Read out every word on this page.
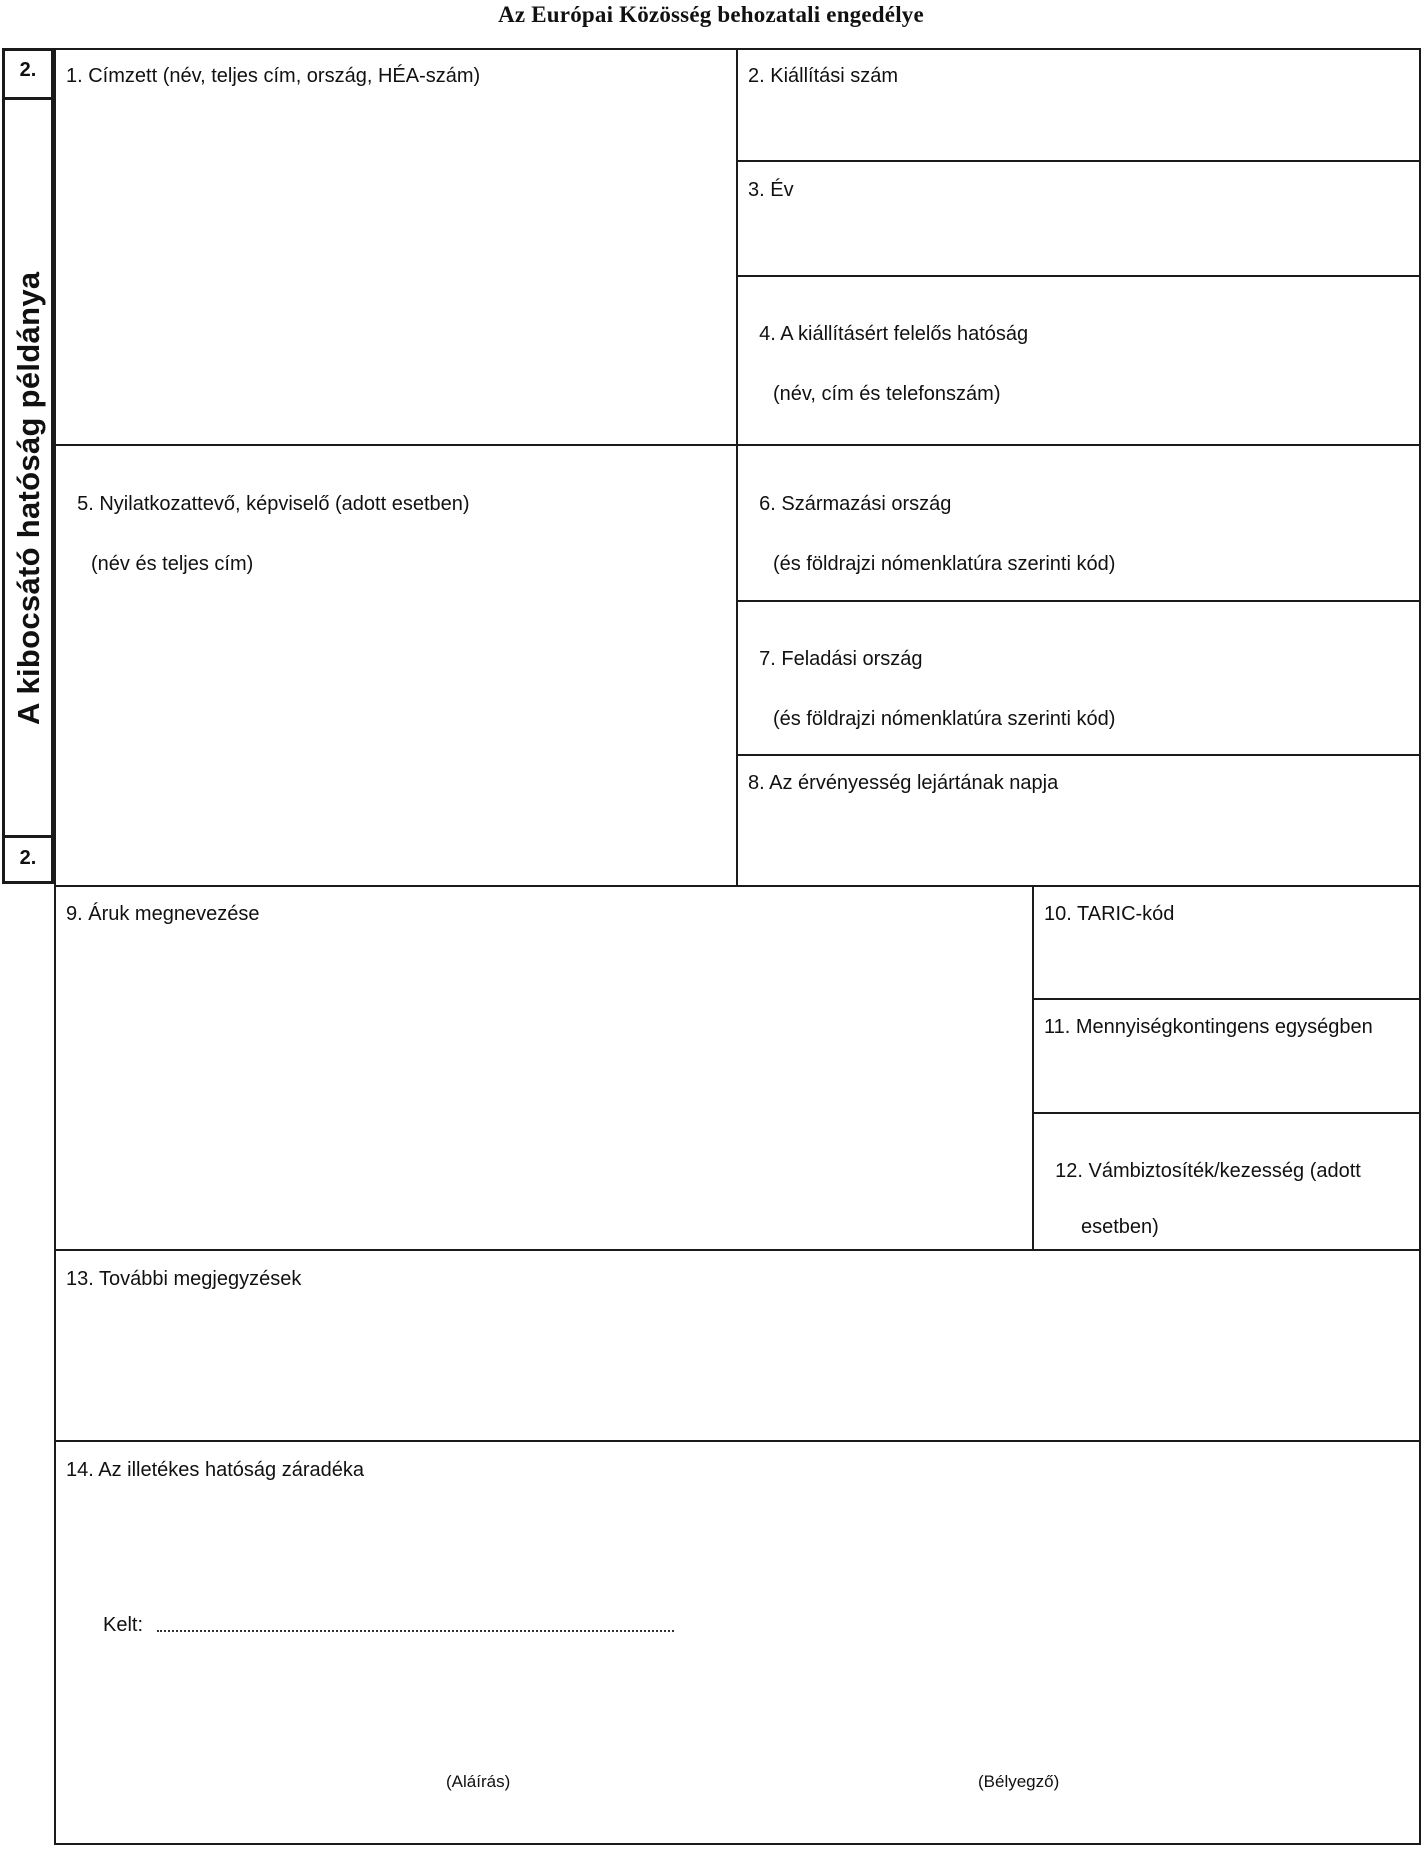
Az Európai Közösség behozatali engedélye
2.
A kibocsátó hatóság példánya
2.
1. Címzett (név, teljes cím, ország, HÉA-szám)	2. Kiállítási szám
3. Év

4. A kiállításért felelős hatóság

(név, cím és telefonszám)

5. Nyilatkozattevő, képviselő (adott esetben)

(név és teljes cím)

6. Származási ország

(és földrajzi nómenklatúra szerinti kód)

7. Feladási ország

(és földrajzi nómenklatúra szerinti kód)

8. Az érvényesség lejártának napja
9. Áruk megnevezése	10. TARIC-kód
11. Mennyiségkontingens egységben

12. Vámbiztosíték/kezesség (adott

esetben)

13. További megjegyzések
14. Az illetékes hatóság záradéka
Kelt:
(Aláírás)	(Bélyegző)
